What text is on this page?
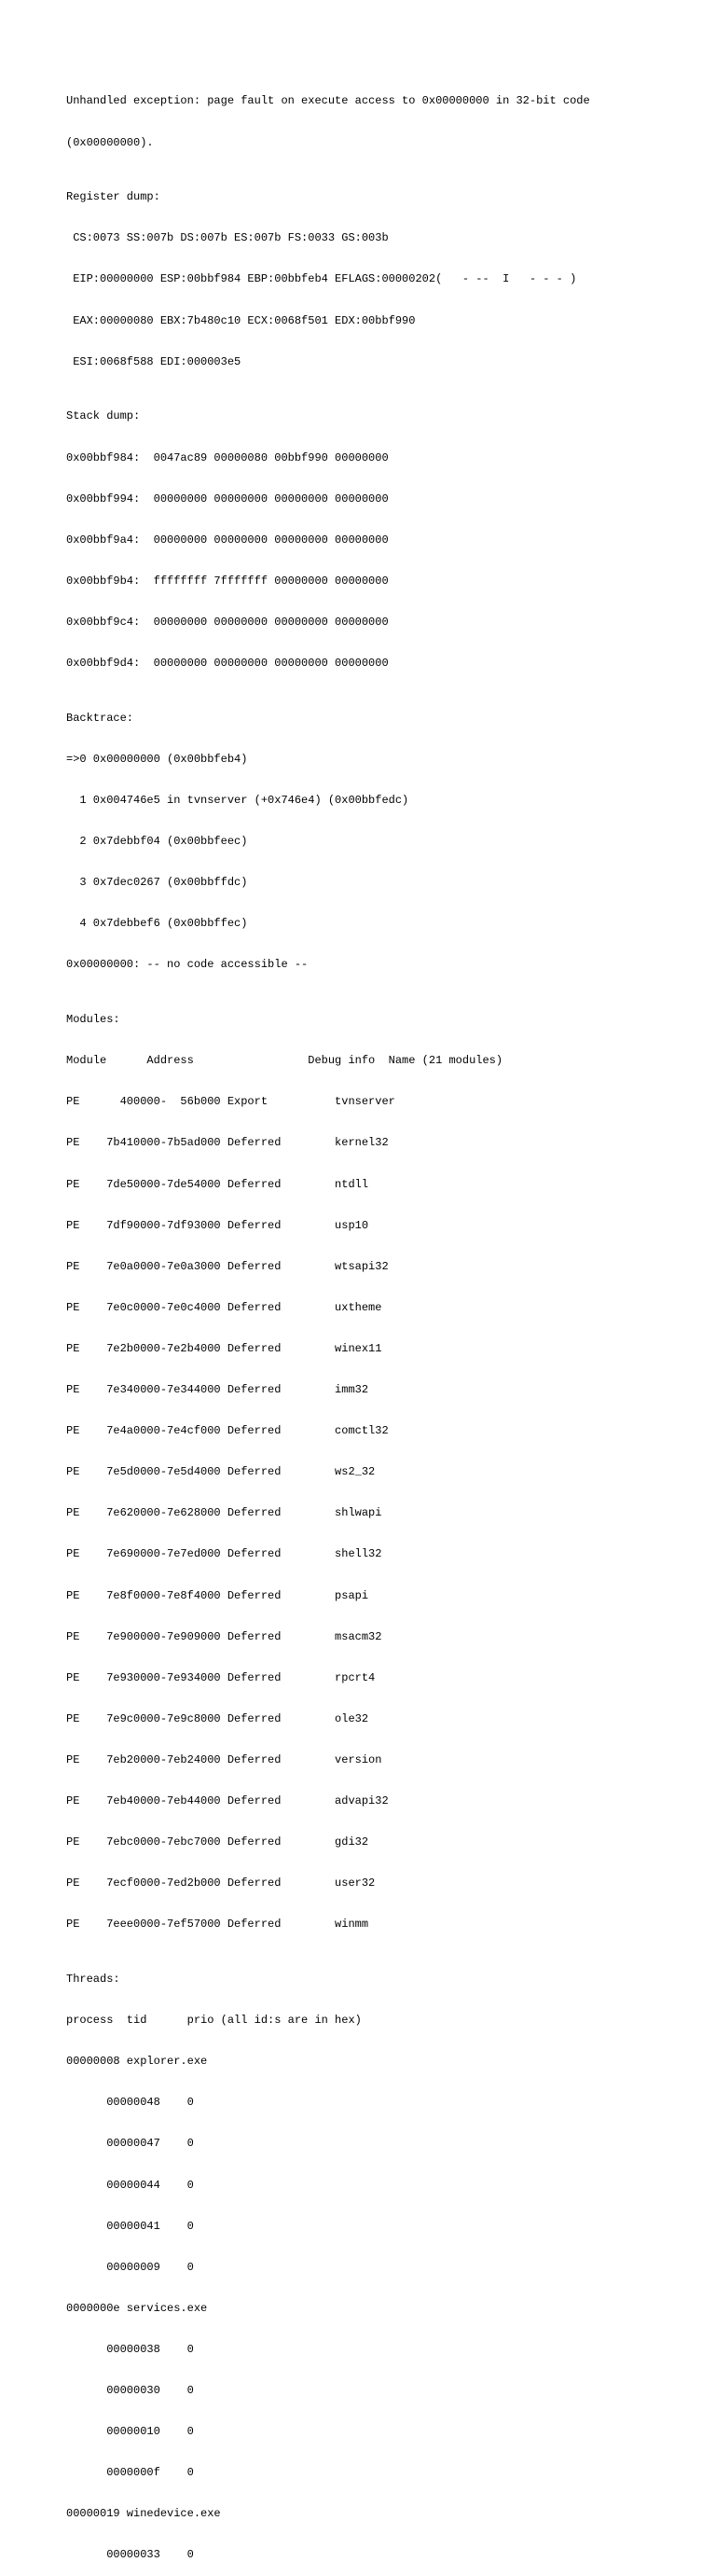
Unhandled exception: page fault on execute access to 0x00000000 in 32-bit code

(0x00000000).

Register dump:

CS:0073 SS:007b DS:007b ES:007b FS:0033 GS:003b

EIP:00000000 ESP:00bbf984 EBP:00bbfeb4 EFLAGS:00000202(   - --  I   - - - )

EAX:00000080 EBX:7b480c10 ECX:0068f501 EDX:00bbf990

ESI:0068f588 EDI:000003e5

Stack dump:

0x00bbf984:  0047ac89 00000080 00bbf990 00000000

0x00bbf994:  00000000 00000000 00000000 00000000

0x00bbf9a4:  00000000 00000000 00000000 00000000

0x00bbf9b4:  ffffffff 7fffffff 00000000 00000000

0x00bbf9c4:  00000000 00000000 00000000 00000000

0x00bbf9d4:  00000000 00000000 00000000 00000000

Backtrace:

=>0 0x00000000 (0x00bbfeb4)

1 0x004746e5 in tvnserver (+0x746e4) (0x00bbfedc)

2 0x7debbf04 (0x00bbfeec)

3 0x7dec0267 (0x00bbffdc)

4 0x7debbef6 (0x00bbffec)

0x00000000: -- no code accessible --

Modules:

Module      Address                 Debug info  Name (21 modules)

PE      400000-  56b000 Export          tvnserver

PE    7b410000-7b5ad000 Deferred        kernel32

PE    7de50000-7de54000 Deferred        ntdll

PE    7df90000-7df93000 Deferred        usp10

PE    7e0a0000-7e0a3000 Deferred        wtsapi32

PE    7e0c0000-7e0c4000 Deferred        uxtheme

PE    7e2b0000-7e2b4000 Deferred        winex11

PE    7e340000-7e344000 Deferred        imm32

PE    7e4a0000-7e4cf000 Deferred        comctl32

PE    7e5d0000-7e5d4000 Deferred        ws2_32

PE    7e620000-7e628000 Deferred        shlwapi

PE    7e690000-7e7ed000 Deferred        shell32

PE    7e8f0000-7e8f4000 Deferred        psapi

PE    7e900000-7e909000 Deferred        msacm32

PE    7e930000-7e934000 Deferred        rpcrt4

PE    7e9c0000-7e9c8000 Deferred        ole32

PE    7eb20000-7eb24000 Deferred        version

PE    7eb40000-7eb44000 Deferred        advapi32

PE    7ebc0000-7ebc7000 Deferred        gdi32

PE    7ecf0000-7ed2b000 Deferred        user32

PE    7eee0000-7ef57000 Deferred        winmm

Threads:

process  tid      prio (all id:s are in hex)

00000008 explorer.exe

00000048    0

00000047    0

00000044    0

00000041    0

00000009    0

0000000e services.exe

00000038    0

00000030    0

00000010    0

0000000f    0

00000019 winedevice.exe

00000033    0
